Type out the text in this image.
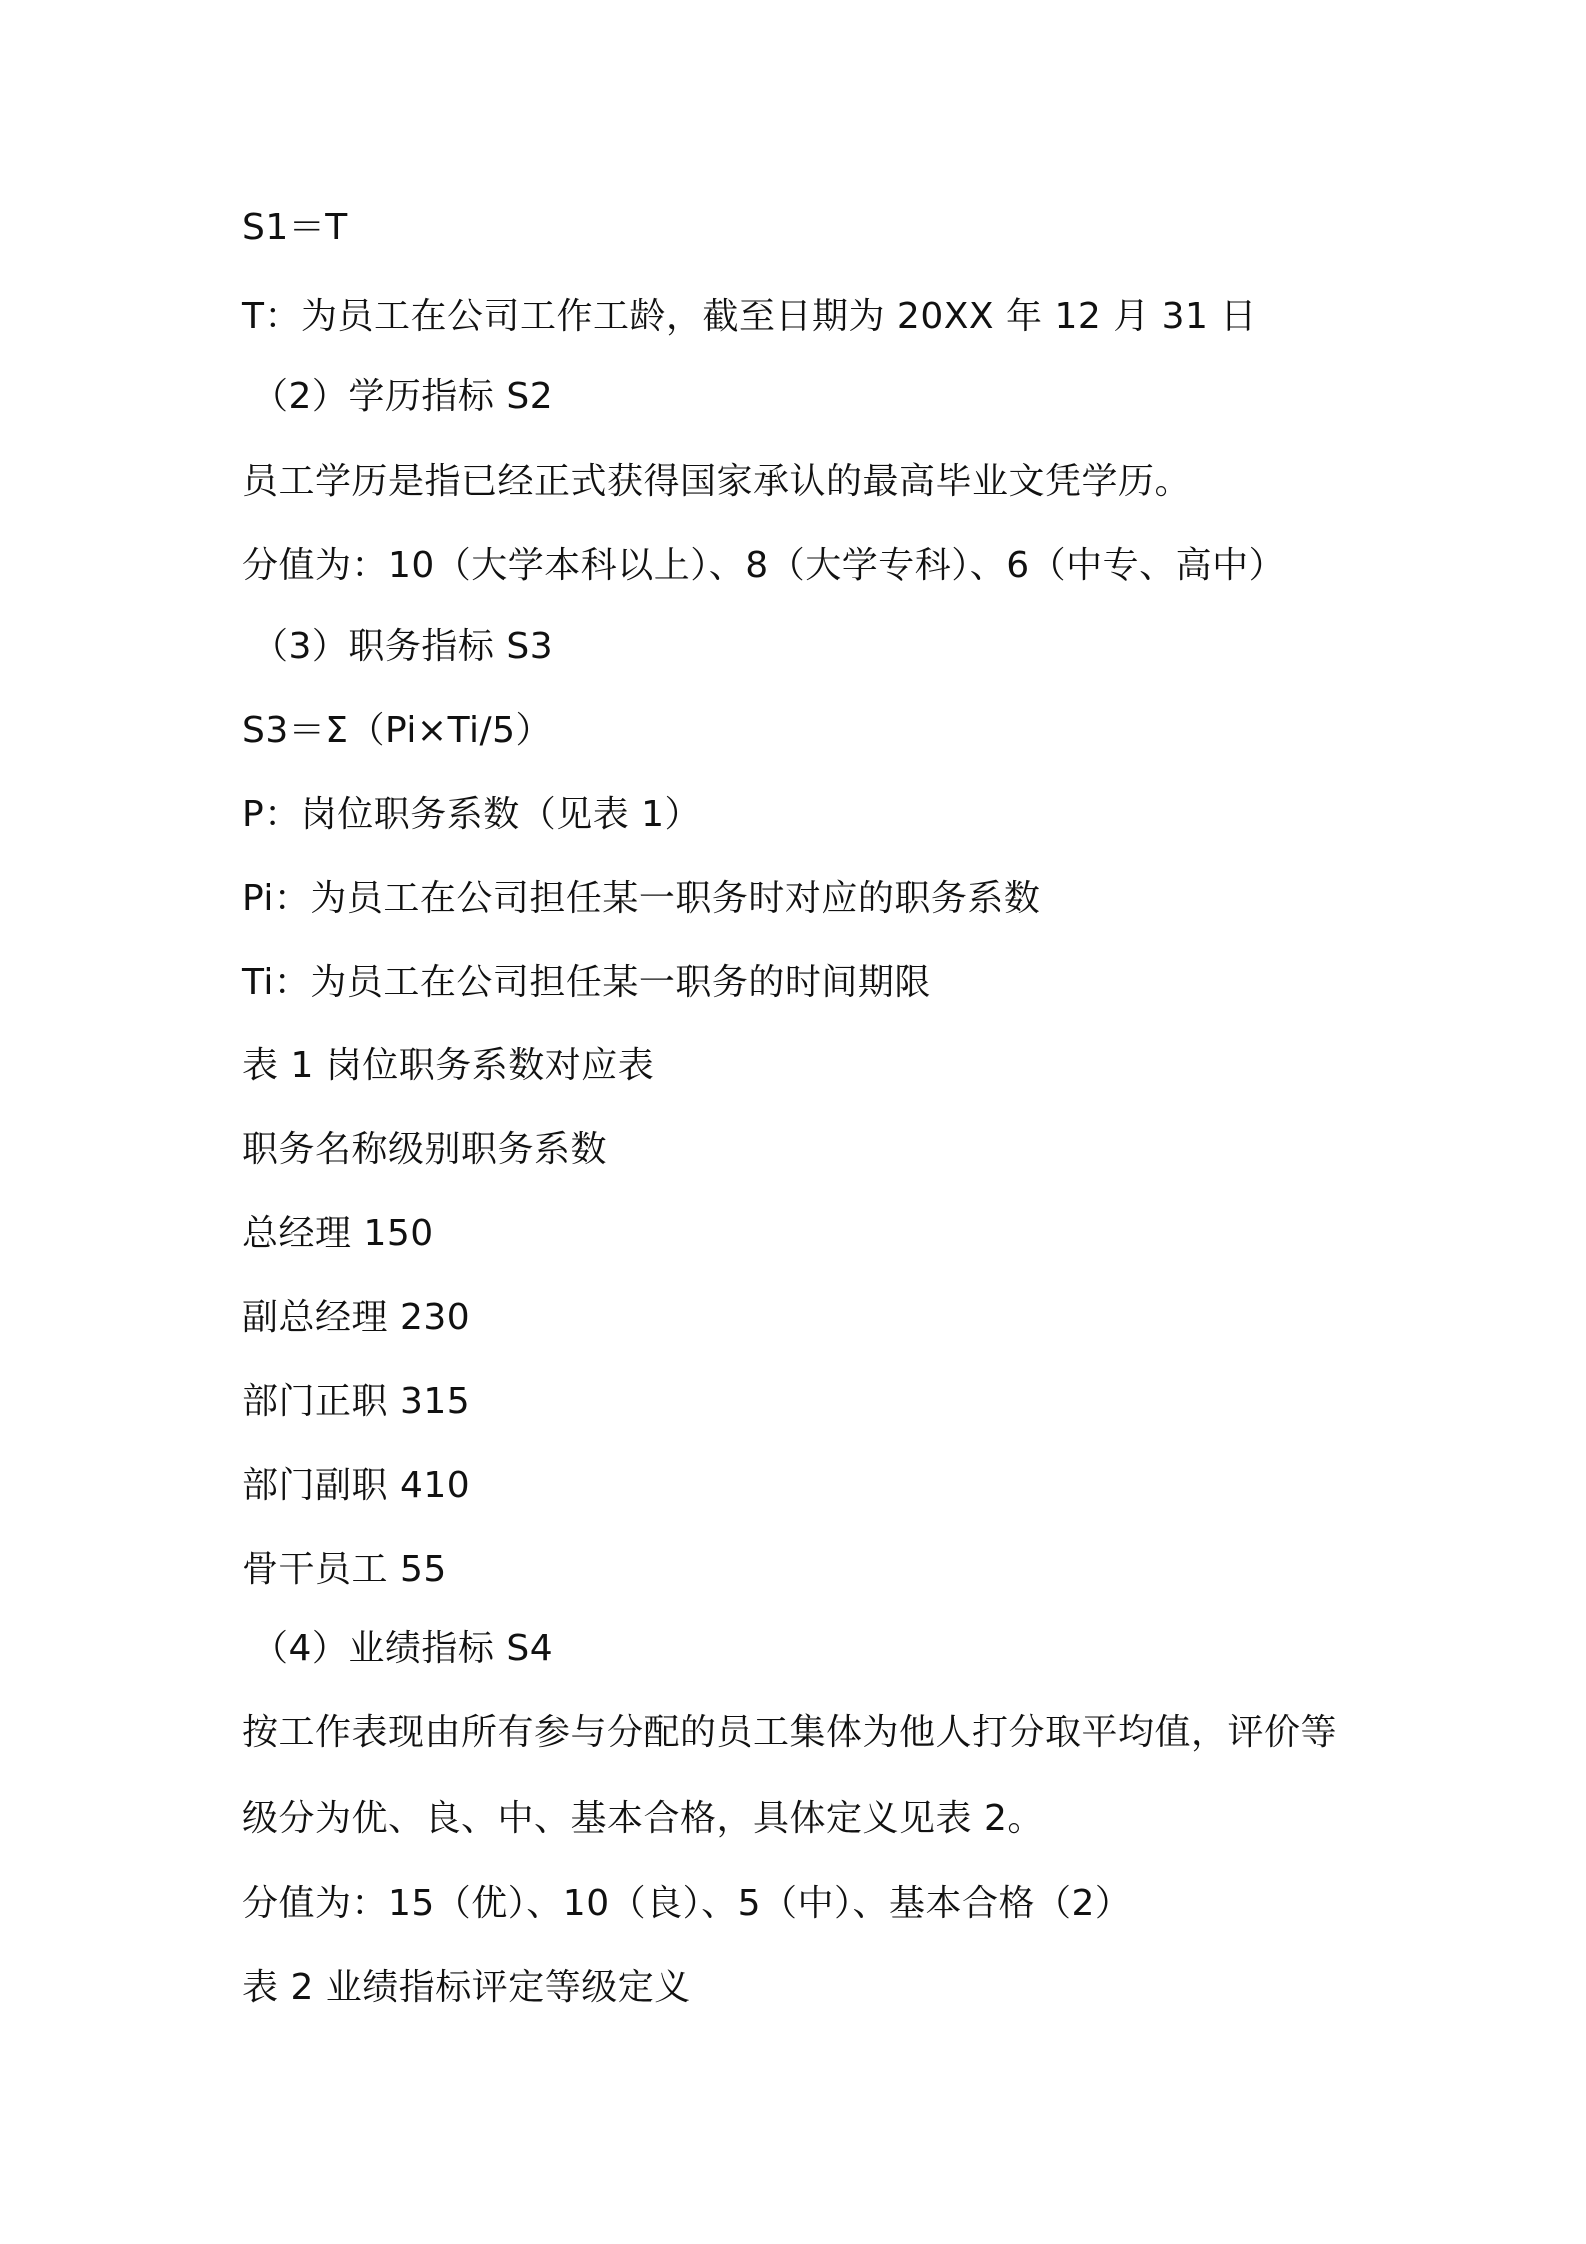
S1＝T
T：为员工在公司工作工龄，截至日期为 20XX 年 12 月 31 日
（2）学历指标 S2
员工学历是指已经正式获得国家承认的最高毕业文凭学历。
分值为：10（大学本科以上）、8（大学专科）、6（中专、高中）
（3）职务指标 S3
S3＝Σ（Pi×Ti/5）
P：岗位职务系数（见表 1）
Pi：为员工在公司担任某一职务时对应的职务系数
Ti：为员工在公司担任某一职务的时间期限
表 1 岗位职务系数对应表
职务名称级别职务系数
总经理 150
副总经理 230
部门正职 315
部门副职 410
骨干员工 55
（4）业绩指标 S4
按工作表现由所有参与分配的员工集体为他人打分取平均值，评价等
级分为优、良、中、基本合格，具体定义见表 2。
分值为：15（优）、10（良）、5（中）、基本合格（2）
表 2 业绩指标评定等级定义
